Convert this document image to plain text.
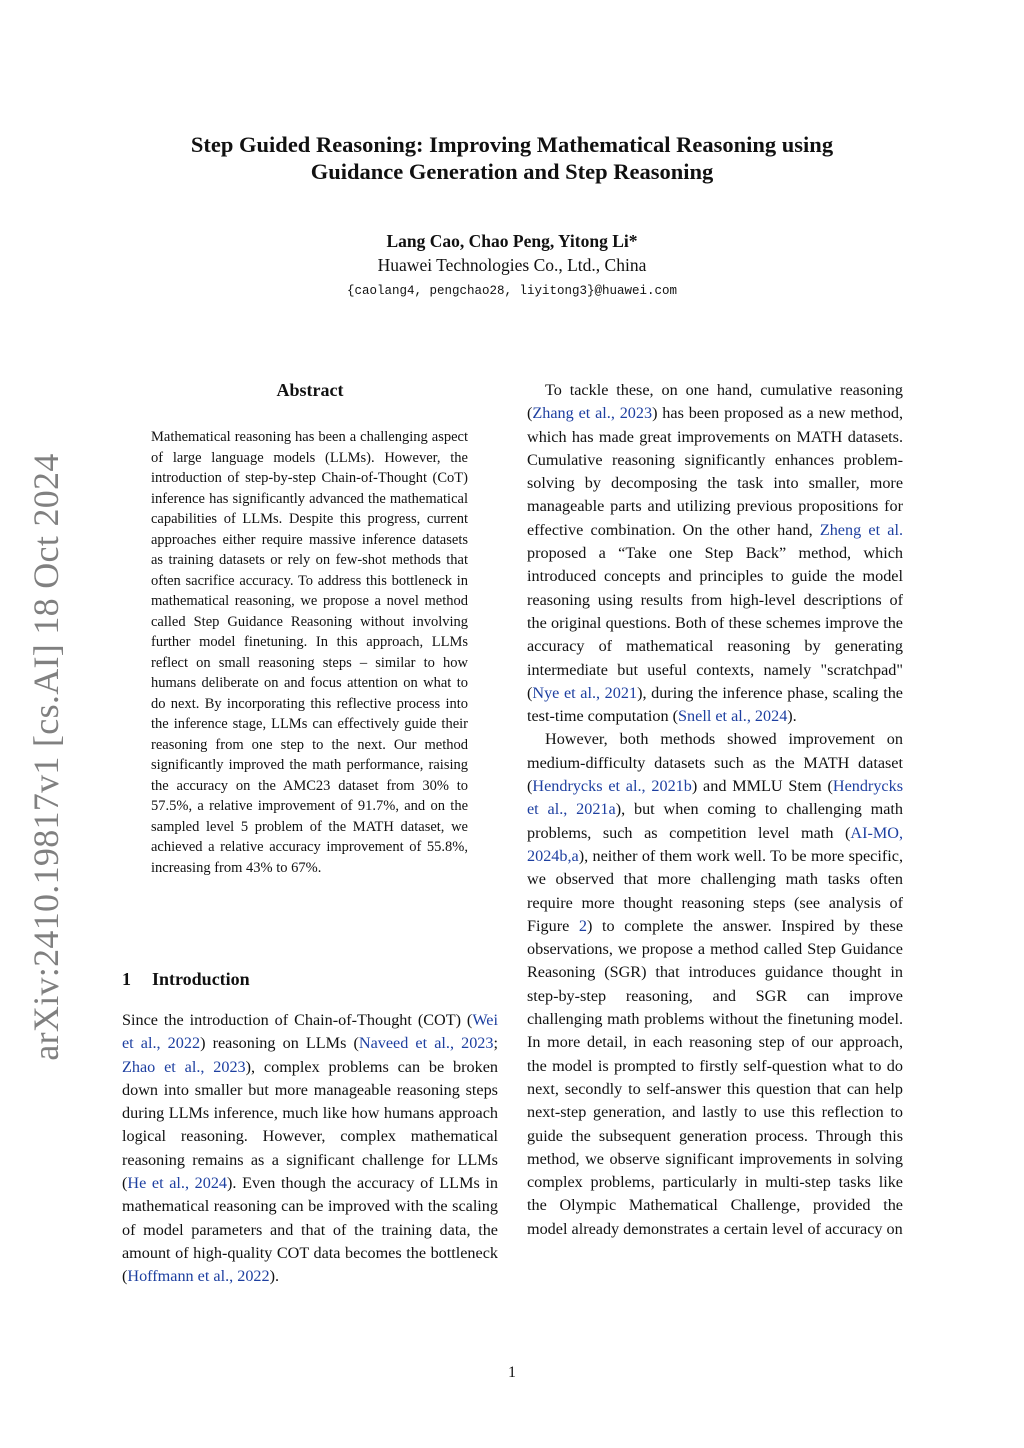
Step Guided Reasoning: Improving Mathematical Reasoning using
Guidance Generation and Step Reasoning
Lang Cao, Chao Peng, Yitong Li*
Huawei Technologies Co., Ltd., China
{caolang4, pengchao28, liyitong3}@huawei.com
arXiv:2410.19817v1 [cs.AI] 18 Oct 2024
Abstract

Mathematical reasoning has been a challenging aspect of large language models (LLMs). However, the introduction of step-by-step Chain-of-Thought (CoT) inference has significantly advanced the mathematical capabilities of LLMs. Despite this progress, current approaches either require massive inference datasets as training datasets or rely on few-shot methods that often sacrifice accuracy. To address this bottleneck in mathematical reasoning, we propose a novel method called Step Guidance Reasoning without involving further model finetuning. In this approach, LLMs reflect on small reasoning steps – similar to how humans deliberate on and focus attention on what to do next. By incorporating this reflective process into the inference stage, LLMs can effectively guide their reasoning from one step to the next. Our method significantly improved the math performance, raising the accuracy on the AMC23 dataset from 30% to 57.5%, a relative improvement of 91.7%, and on the sampled level 5 problem of the MATH dataset, we achieved a relative accuracy improvement of 55.8%, increasing from 43% to 67%.

1 Introduction

Since the introduction of Chain-of-Thought (COT) (Wei et al., 2022) reasoning on LLMs (Naveed et al., 2023; Zhao et al., 2023), complex problems can be broken down into smaller but more manageable reasoning steps during LLMs inference, much like how humans approach logical reasoning. However, complex mathematical reasoning remains as a significant challenge for LLMs (He et al., 2024). Even though the accuracy of LLMs in mathematical reasoning can be improved with the scaling of model parameters and that of the training data, the amount of high-quality COT data becomes the bottleneck (Hoffmann et al., 2022).

To tackle these, on one hand, cumulative reasoning (Zhang et al., 2023) has been proposed as a new method, which has made great improvements on MATH datasets. Cumulative reasoning significantly enhances problem-solving by decomposing the task into smaller, more manageable parts and utilizing previous propositions for effective combination. On the other hand, Zheng et al. proposed a “Take one Step Back” method, which introduced concepts and principles to guide the model reasoning using results from high-level descriptions of the original questions. Both of these schemes improve the accuracy of mathematical reasoning by generating intermediate but useful contexts, namely "scratchpad" (Nye et al., 2021), during the inference phase, scaling the test-time computation (Snell et al., 2024).

However, both methods showed improvement on medium-difficulty datasets such as the MATH dataset (Hendrycks et al., 2021b) and MMLU Stem (Hendrycks et al., 2021a), but when coming to challenging math problems, such as competition level math (AI-MO, 2024b,a), neither of them work well. To be more specific, we observed that more challenging math tasks often require more thought reasoning steps (see analysis of Figure 2) to complete the answer. Inspired by these observations, we propose a method called Step Guidance Reasoning (SGR) that introduces guidance thought in step-by-step reasoning, and SGR can improve challenging math problems without the finetuning model. In more detail, in each reasoning step of our approach, the model is prompted to firstly self-question what to do next, secondly to self-answer this question that can help next-step generation, and lastly to use this reflection to guide the subsequent generation process. Through this method, we observe significant improvements in solving complex problems, particularly in multi-step tasks like the Olympic Mathematical Challenge, provided the model already demonstrates a certain level of accuracy on

1
